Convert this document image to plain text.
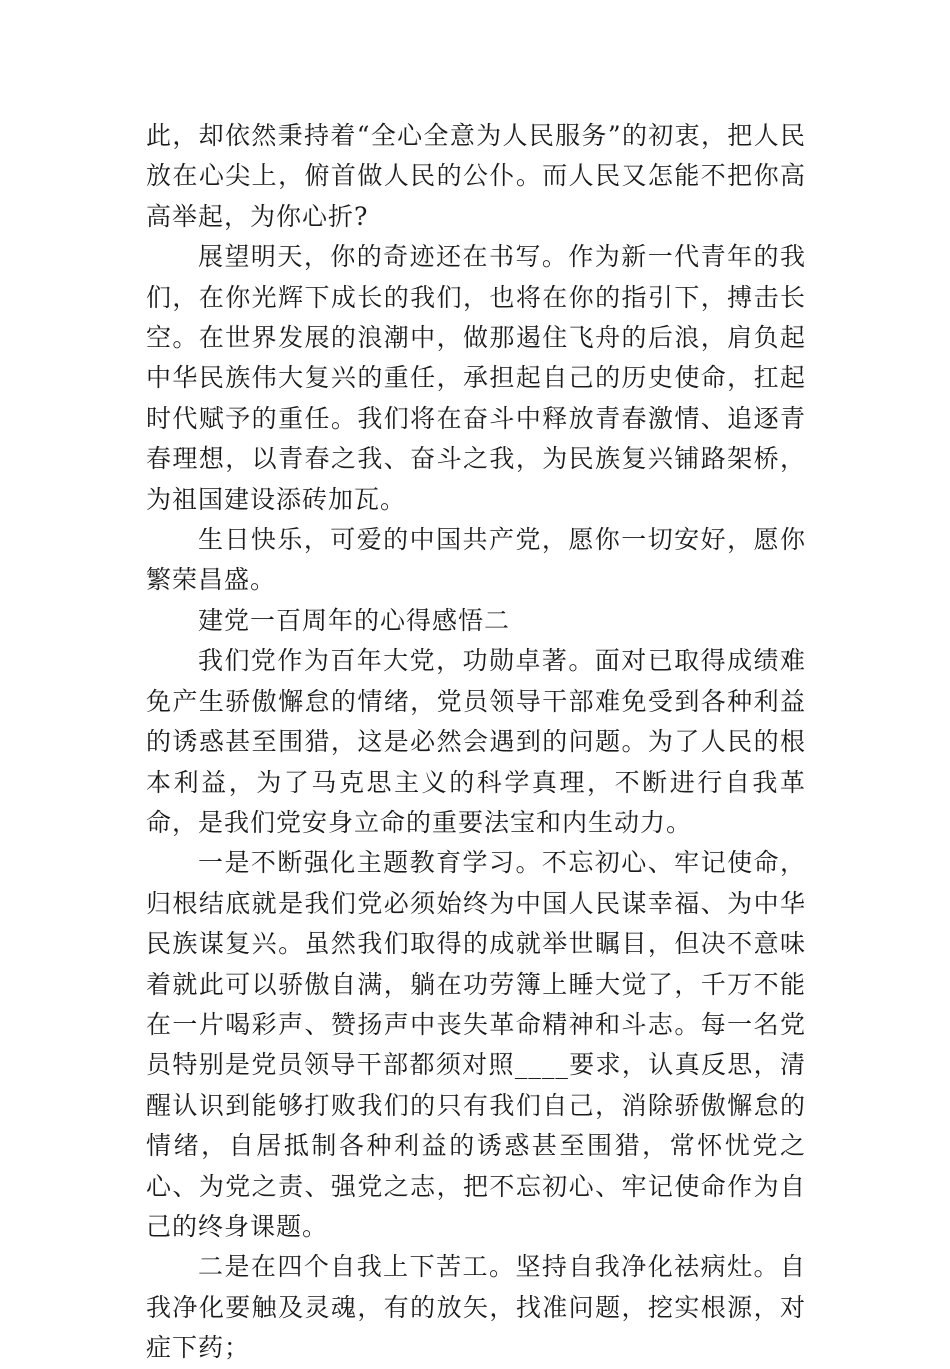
此，却依然秉持着“全心全意为人民服务”的初衷，把人民放在心尖上，俯首做人民的公仆。而人民又怎能不把你高高举起，为你心折?

展望明天，你的奇迹还在书写。作为新一代青年的我们，在你光辉下成长的我们，也将在你的指引下，搏击长空。在世界发展的浪潮中，做那遏住飞舟的后浪，肩负起中华民族伟大复兴的重任，承担起自己的历史使命，扛起时代赋予的重任。我们将在奋斗中释放青春激情、追逐青春理想，以青春之我、奋斗之我，为民族复兴铺路架桥，为祖国建设添砖加瓦。

生日快乐，可爱的中国共产党，愿你一切安好，愿你繁荣昌盛。

建党一百周年的心得感悟二

我们党作为百年大党，功勋卓著。面对已取得成绩难免产生骄傲懈怠的情绪，党员领导干部难免受到各种利益的诱惑甚至围猎，这是必然会遇到的问题。为了人民的根本利益，为了马克思主义的科学真理，不断进行自我革命，是我们党安身立命的重要法宝和内生动力。

一是不断强化主题教育学习。不忘初心、牢记使命，归根结底就是我们党必须始终为中国人民谋幸福、为中华民族谋复兴。虽然我们取得的成就举世瞩目，但决不意味着就此可以骄傲自满，躺在功劳簿上睡大觉了，千万不能在一片喝彩声、赞扬声中丧失革命精神和斗志。每一名党员特别是党员领导干部都须对照____要求，认真反思，清醒认识到能够打败我们的只有我们自己，消除骄傲懈怠的情绪，自居抵制各种利益的诱惑甚至围猎，常怀忧党之心、为党之责、强党之志，把不忘初心、牢记使命作为自己的终身课题。

二是在四个自我上下苦工。坚持自我净化祛病灶。自我净化要触及灵魂，有的放矢，找准问题，挖实根源，对症下药；
